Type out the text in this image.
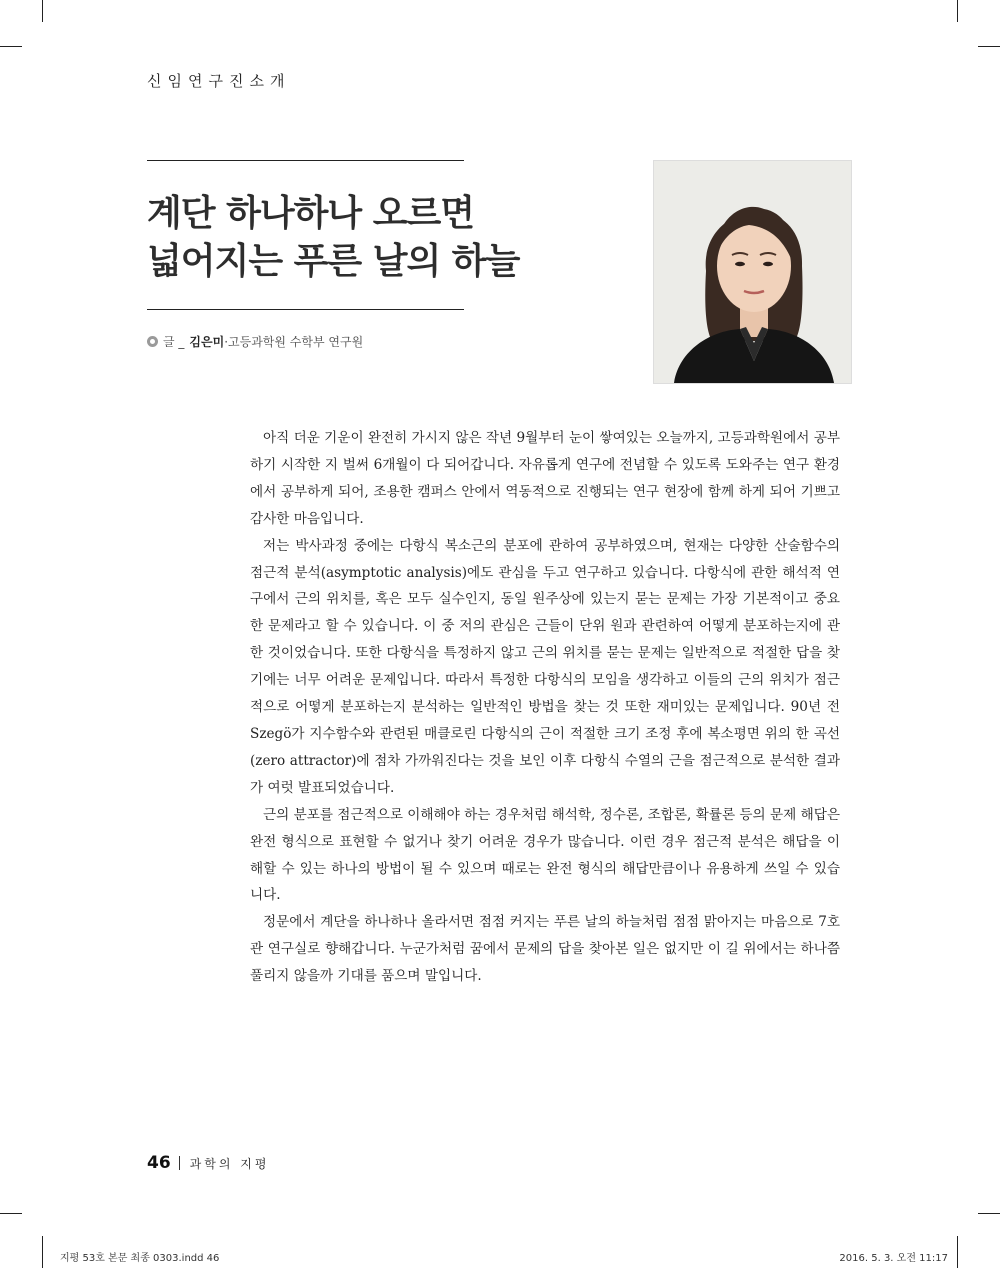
신임연구진소개
계단 하나하나 오르면
넓어지는 푸른 날의 하늘
글 _ 김은미·고등과학원 수학부 연구원

아직 더운 기운이 완전히 가시지 않은 작년 9월부터 눈이 쌓여있는 오늘까지, 고등과학원에서 공부하기 시작한 지 벌써 6개월이 다 되어갑니다. 자유롭게 연구에 전념할 수 있도록 도와주는 연구 환경에서 공부하게 되어, 조용한 캠퍼스 안에서 역동적으로 진행되는 연구 현장에 함께 하게 되어 기쁘고 감사한 마음입니다.

저는 박사과정 중에는 다항식 복소근의 분포에 관하여 공부하였으며, 현재는 다양한 산술함수의 점근적 분석(asymptotic analysis)에도 관심을 두고 연구하고 있습니다. 다항식에 관한 해석적 연구에서 근의 위치를, 혹은 모두 실수인지, 동일 원주상에 있는지 묻는 문제는 가장 기본적이고 중요한 문제라고 할 수 있습니다. 이 중 저의 관심은 근들이 단위 원과 관련하여 어떻게 분포하는지에 관한 것이었습니다. 또한 다항식을 특정하지 않고 근의 위치를 묻는 문제는 일반적으로 적절한 답을 찾기에는 너무 어려운 문제입니다. 따라서 특정한 다항식의 모임을 생각하고 이들의 근의 위치가 점근적으로 어떻게 분포하는지 분석하는 일반적인 방법을 찾는 것 또한 재미있는 문제입니다. 90년 전 Szegö가 지수함수와 관련된 매클로린 다항식의 근이 적절한 크기 조정 후에 복소평면 위의 한 곡선(zero attractor)에 점차 가까워진다는 것을 보인 이후 다항식 수열의 근을 점근적으로 분석한 결과가 여럿 발표되었습니다.

근의 분포를 점근적으로 이해해야 하는 경우처럼 해석학, 정수론, 조합론, 확률론 등의 문제 해답은 완전 형식으로 표현할 수 없거나 찾기 어려운 경우가 많습니다. 이런 경우 점근적 분석은 해답을 이해할 수 있는 하나의 방법이 될 수 있으며 때로는 완전 형식의 해답만큼이나 유용하게 쓰일 수 있습니다.

정문에서 계단을 하나하나 올라서면 점점 커지는 푸른 날의 하늘처럼 점점 맑아지는 마음으로 7호관 연구실로 향해갑니다. 누군가처럼 꿈에서 문제의 답을 찾아본 일은 없지만 이 길 위에서는 하나쯤 풀리지 않을까 기대를 품으며 말입니다.

46 과학의 지평
지평 53호 본문 최종 0303.indd 46	2016. 5. 3. 오전 11:17
